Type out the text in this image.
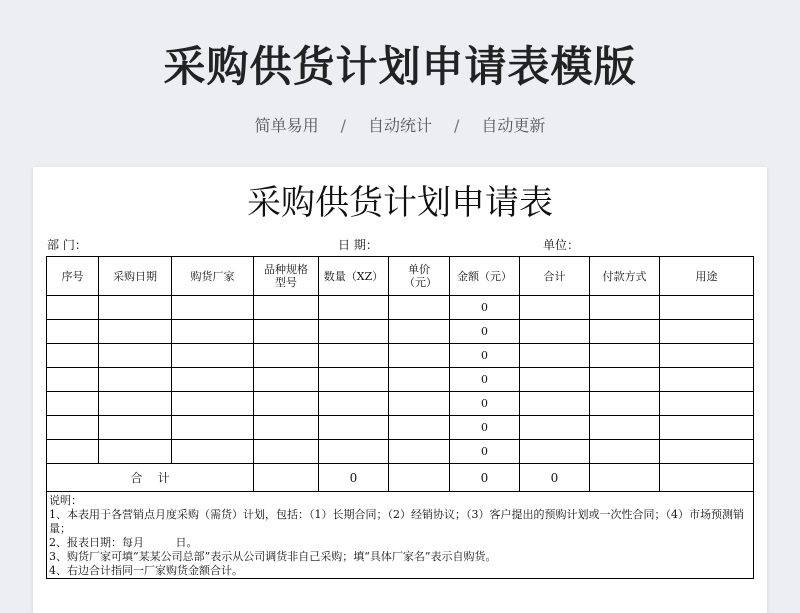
采购供货计划申请表模版
简单易用 / 自动统计 / 自动更新
采购供货计划申请表
部 门：	日 期：	单位：
序号	采购日期	购货厂家	品种规格型号	数量（XZ）	单价（元）	金额（元）	合计	付款方式	用途
						0			
						0			
						0			
						0			
						0			
						0			
						0			
合    计				0		0	0		

说明：
1、本表用于各营销点月度采购（需货）计划，包括：（1）长期合同；（2）经销协议；（3）客户提出的预购计划或一次性合同；（4）市场预测销量；
2、报表日期：每月         日。
3、购货厂家可填“某某公司总部”表示从公司调货非自己采购；填“具体厂家名”表示自购货。
4、右边合计指同一厂家购货金额合计。									
